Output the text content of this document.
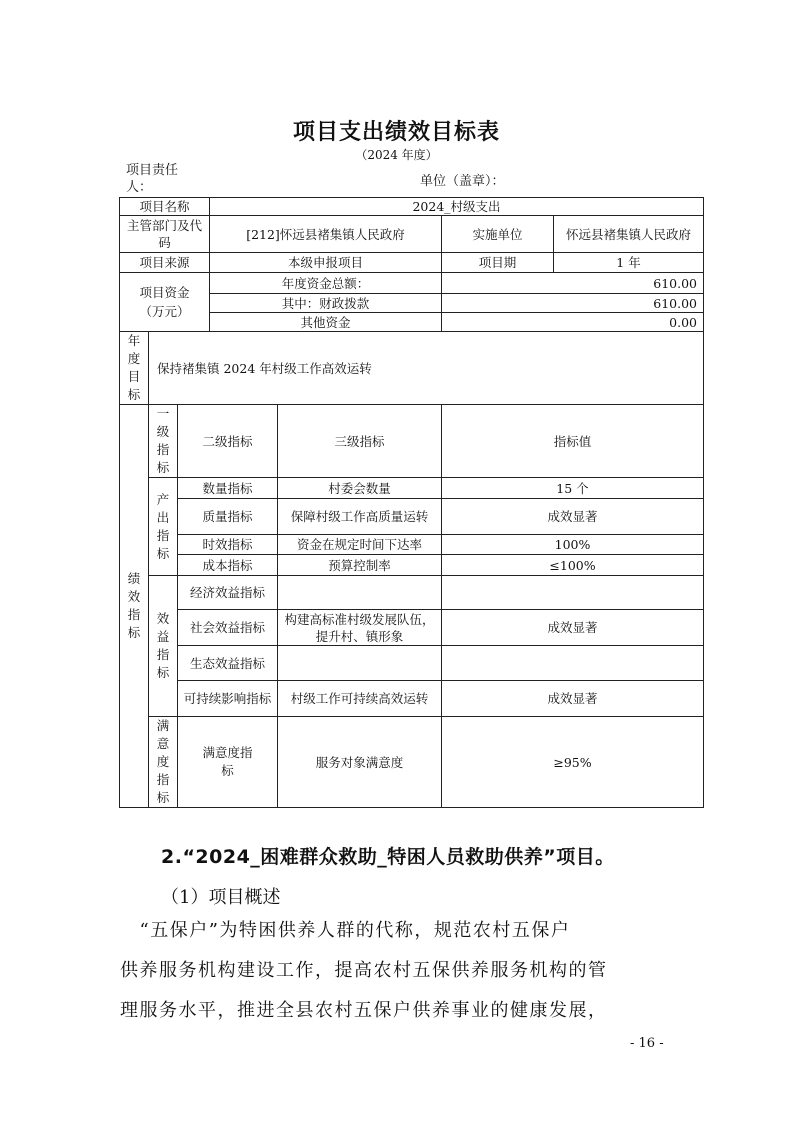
项目支出绩效目标表
（2024 年度）
项目责任人：	单位（盖章）：
项目名称			2024_村级支出		
主管部门及代码			[212]怀远县褚集镇人民政府		实施单位 怀远县褚集镇人民政府

项目来源			本级申报项目		项目期 1 年

项目资金（万元）			年度资金总额：		610.00
			其中：财政拨款		610.00
			其他资金		0.00

年度目标	保持褚集镇 2024 年村级工作高效运转				

绩效指标	一级指标	二级指标		三级指标	指标值

	产出指标	数量指标		村委会数量	15 个
		质量指标		保障村级工作高质量运转	成效显著
		时效指标		资金在规定时间下达率	100%
		成本指标		预算控制率	≤100%

	效益指标	经济效益指标			
		社会效益指标		构建高标准村级发展队伍，提升村、镇形象	成效显著
		生态效益指标			
		可持续影响指标		村级工作可持续高效运转	成效显著

	满意度指标	满意度指标		服务对象满意度	≥95%
2.“2024_困难群众救助_特困人员救助供养”项目。
（1）项目概述
　“五保户”为特困供养人群的代称，规范农村五保户
供养服务机构建设工作，提高农村五保供养服务机构的管
理服务水平，推进全县农村五保户供养事业的健康发展，
- 16 -
